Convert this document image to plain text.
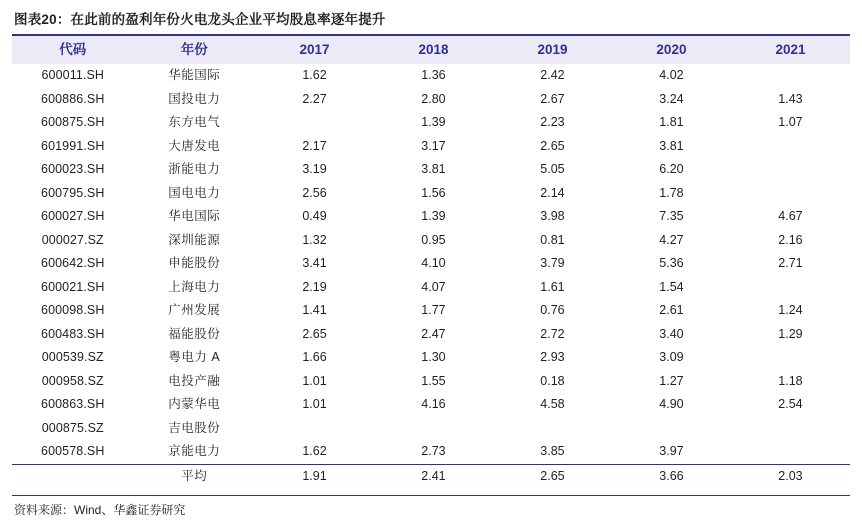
图表20：在此前的盈利年份火电龙头企业平均股息率逐年提升
代码	年份	2017	2018	2019	2020	2021
600011.SH	华能国际	1.62	1.36	2.42	4.02	
600886.SH	国投电力	2.27	2.80	2.67	3.24	1.43
600875.SH	东方电气		1.39	2.23	1.81	1.07
601991.SH	大唐发电	2.17	3.17	2.65	3.81	
600023.SH	浙能电力	3.19	3.81	5.05	6.20	
600795.SH	国电电力	2.56	1.56	2.14	1.78	
600027.SH	华电国际	0.49	1.39	3.98	7.35	4.67
000027.SZ	深圳能源	1.32	0.95	0.81	4.27	2.16
600642.SH	申能股份	3.41	4.10	3.79	5.36	2.71
600021.SH	上海电力	2.19	4.07	1.61	1.54	
600098.SH	广州发展	1.41	1.77	0.76	2.61	1.24
600483.SH	福能股份	2.65	2.47	2.72	3.40	1.29
000539.SZ	粤电力 A	1.66	1.30	2.93	3.09	
000958.SZ	电投产融	1.01	1.55	0.18	1.27	1.18
600863.SH	内蒙华电	1.01	4.16	4.58	4.90	2.54
000875.SZ	吉电股份					
600578.SH	京能电力	1.62	2.73	3.85	3.97	
	平均	1.91	2.41	2.65	3.66	2.03
资料来源：Wind、华鑫证券研究
